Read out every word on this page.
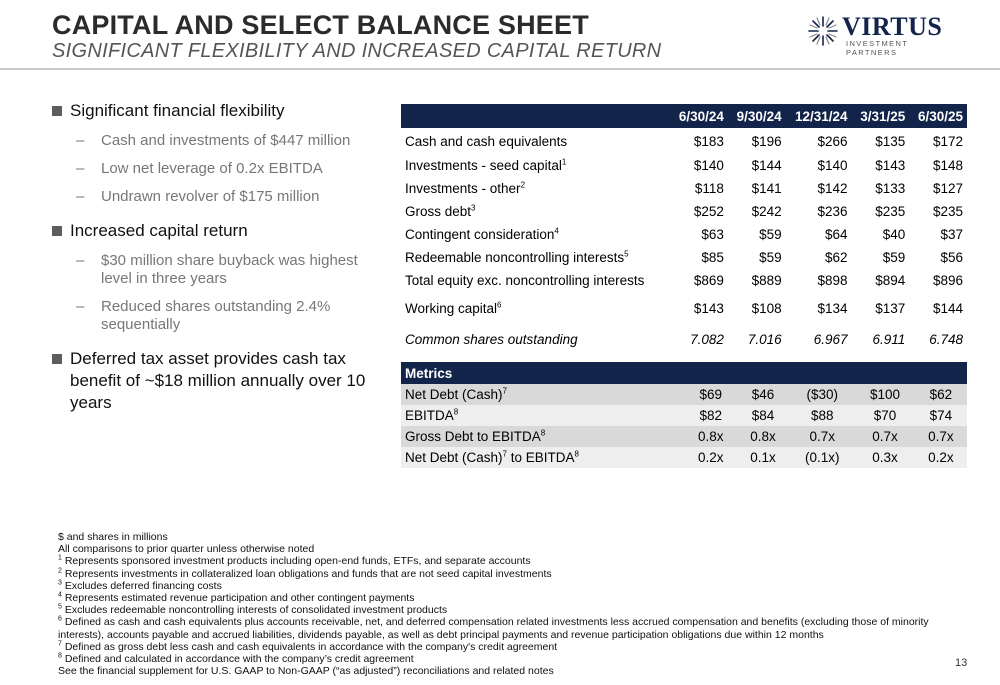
CAPITAL AND SELECT BALANCE SHEET
SIGNIFICANT FLEXIBILITY AND INCREASED CAPITAL RETURN
VIRTUS
INVESTMENT PARTNERS
Significant financial flexibility
– Cash and investments of $447 million
– Low net leverage of 0.2x EBITDA
– Undrawn revolver of $175 million
Increased capital return
– $30 million share buyback was highest level in three years
– Reduced shares outstanding 2.4% sequentially
Deferred tax asset provides cash tax benefit of ~$18 million annually over 10 years
	6/30/24	9/30/24	12/31/24	3/31/25	6/30/25
Cash and cash equivalents	$183	$196	$266	$135	$172
Investments - seed capital$^1$	$140	$144	$140	$143	$148
Investments - other$^2$	$118	$141	$142	$133	$127
Gross debt$^3$	$252	$242	$236	$235	$235
Contingent consideration$^4$	$63	$59	$64	$40	$37
Redeemable noncontrolling interests$^5$	$85	$59	$62	$59	$56
Total equity exc. noncontrolling interests	$869	$889	$898	$894	$896
Working capital$^6$	$143	$108	$134	$137	$144
Common shares outstanding	7.082	7.016	6.967	6.911	6.748
Metrics					
Net Debt (Cash)$^7$	$69	$46	($30)	$100	$62
EBITDA$^8$	$82	$84	$88	$70	$74
Gross Debt to EBITDA$^8$	0.8x	0.8x	0.7x	0.7x	0.7x
Net Debt (Cash)$^7$ to EBITDA$^8$	0.2x	0.1x	(0.1x)	0.3x	0.2x
$ and shares in millions
All comparisons to prior quarter unless otherwise noted
$^1$ Represents sponsored investment products including open-end funds, ETFs, and separate accounts
$^2$ Represents investments in collateralized loan obligations and funds that are not seed capital investments
$^3$ Excludes deferred financing costs
$^4$ Represents estimated revenue participation and other contingent payments
$^5$ Excludes redeemable noncontrolling interests of consolidated investment products
$^6$ Defined as cash and cash equivalents plus accounts receivable, net, and deferred compensation related investments less accrued compensation and benefits (excluding those of minority interests), accounts payable and accrued liabilities, dividends payable, as well as debt principal payments and revenue participation obligations due within 12 months
$^7$ Defined as gross debt less cash and cash equivalents in accordance with the company's credit agreement
$^8$ Defined and calculated in accordance with the company’s credit agreement
See the financial supplement for U.S. GAAP to Non-GAAP (“as adjusted”) reconciliations and related notes
13
